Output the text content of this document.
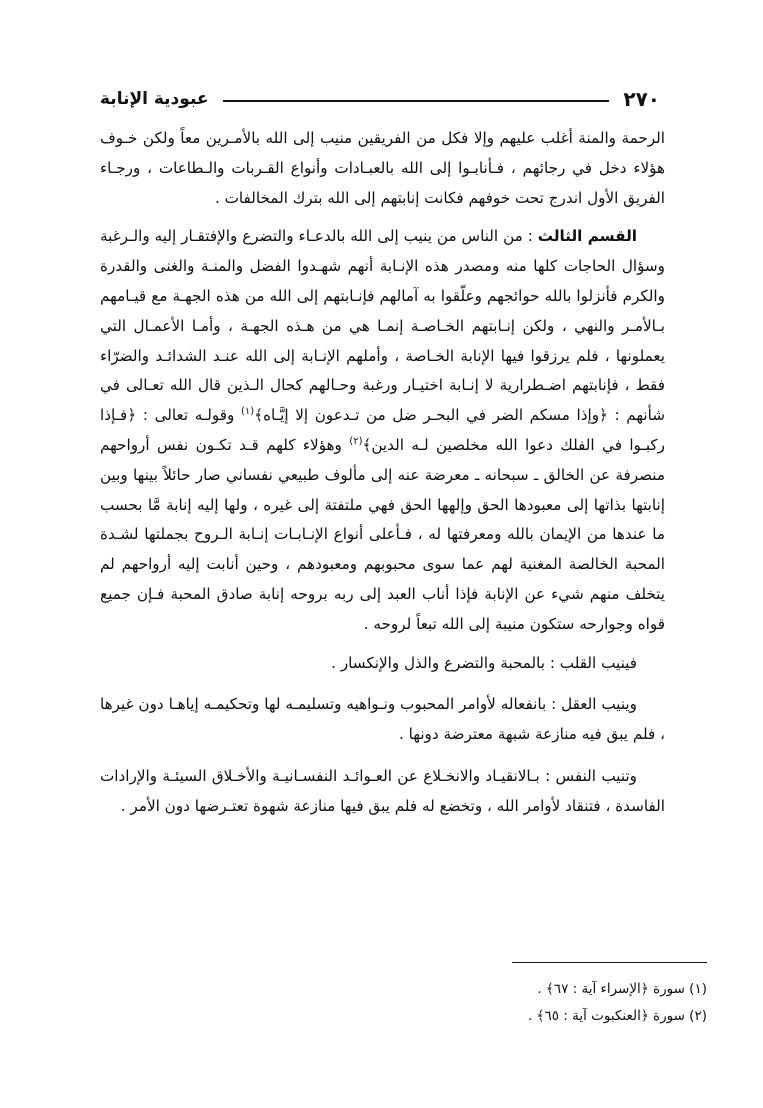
٢٧٠
عبودية الإنابة

الرحمة والمنة أغلب عليهم وإلا فكل من الفريقين منيب إلى الله بالأمـرين معاً ولكن خـوف هؤلاء دخل في رجائهم ، فـأنابـوا إلى الله بالعبـادات وأنواع القـربات والـطاعات ، ورجـاء الفريق الأول اندرج تحت خوفهم فكانت إنابتهم إلى الله بترك المخالفات .

القسم الثالث : من الناس من ينيب إلى الله بالدعـاء والتضرع والإفتقـار إليه والـرغبة وسؤال الحاجات كلها منه ومصدر هذه الإنـابة أنهم شهـدوا الفضل والمنـة والغنى والقدرة والكرم فأنزلوا بالله حوائجهم وعلّقوا به آمالهم فإنـابتهم إلى الله من هذه الجهـة مع قيـامهم بـالأمـر والنهي ، ولكن إنـابتهم الخـاصـة إنمـا هي من هـذه الجهـة ، وأمـا الأعمـال التي يعملونها ، فلم يرزقوا فيها الإنابة الخـاصة ، وأملهم الإنـابة إلى الله عنـد الشدائـد والضرّاء فقط ، فإنابتهم اضـطرارية لا إنـابة اختيـار ورغبة وحـالهم كحال الـذين قال الله تعـالى في شأنهم : ﴿وإذا مسكم الضر في البحـر ضل من تـدعون إلا إيَّـاه﴾$^{(١)}$ وقولـه تعالى : ﴿فـإذا ركبـوا في الفلك دعوا الله مخلصين لـه الدين﴾$^{(٢)}$ وهؤلاء كلهم قـد تكـون نفس أرواحهم منصرفة عن الخالق ـ سبحانه ـ معرضة عنه إلى مألوف طبيعي نفساني صار حائلاً بينها وبين إنابتها بذاتها إلى معبودها الحق وإلهها الحق فهي ملتفتة إلى غيره ، ولها إليه إنابة مَّا بحسب ما عندها من الإيمان بالله ومعرفتها له ، فـأعلى أنواع الإنـابـات إنـابة الـروح بجملتها لشـدة المحبة الخالصة المغنية لهم عما سوى محبوبهم ومعبودهم ، وحين أنابت إليه أرواحهم لم يتخلف منهم شيء عن الإنابة فإذا أناب العبد إلى ربه بروحه إنابة صادق المحبة فـإن جميع قواه وجوارحه ستكون منيبة إلى الله تبعاً لروحه .

فينيب القلب : بالمحبة والتضرع والذل والإنكسار .

وينيب العقل : بانفعاله لأوامر المحبوب ونـواهيه وتسليمـه لها وتحكيمـه إياهـا دون غيرها ، فلم يبق فيه منازعة شبهة معترضة دونها .

وتنيب النفس : بـالانقيـاد والانخـلاع عن العـوائـد النفسـانيـة والأخـلاق السيئـة والإرادات الفاسدة ، فتنقاد لأوامر الله ، وتخضع له فلم يبق فيها منازعة شهوة تعتـرضها دون الأمر .

(١) سورة ﴿الإسراء آية : ٦٧﴾ .
(٢) سورة ﴿العنكبوت آية : ٦٥﴾ .
